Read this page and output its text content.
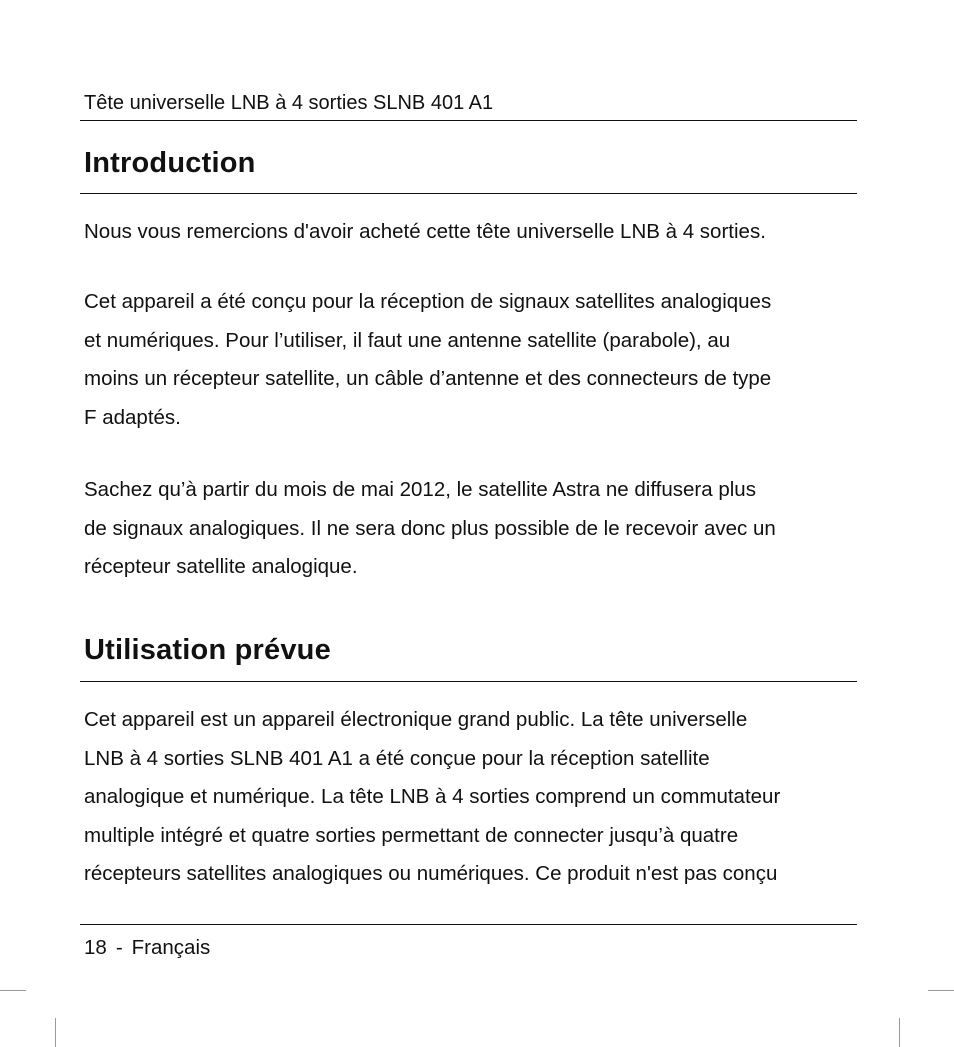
Tête universelle LNB à 4 sorties SLNB 401 A1
Introduction
Nous vous remercions d'avoir acheté cette tête universelle LNB à 4 sorties.
Cet appareil a été conçu pour la réception de signaux satellites analogiques
et numériques. Pour l’utiliser, il faut une antenne satellite (parabole), au
moins un récepteur satellite, un câble d’antenne et des connecteurs de type
F adaptés.
Sachez qu’à partir du mois de mai 2012, le satellite Astra ne diffusera plus
de signaux analogiques. Il ne sera donc plus possible de le recevoir avec un
récepteur satellite analogique.
Utilisation prévue
Cet appareil est un appareil électronique grand public. La tête universelle
LNB à 4 sorties SLNB 401 A1 a été conçue pour la réception satellite
analogique et numérique. La tête LNB à 4 sorties comprend un commutateur
multiple intégré et quatre sorties permettant de connecter jusqu’à quatre
récepteurs satellites analogiques ou numériques. Ce produit n'est pas conçu
18 - Français
